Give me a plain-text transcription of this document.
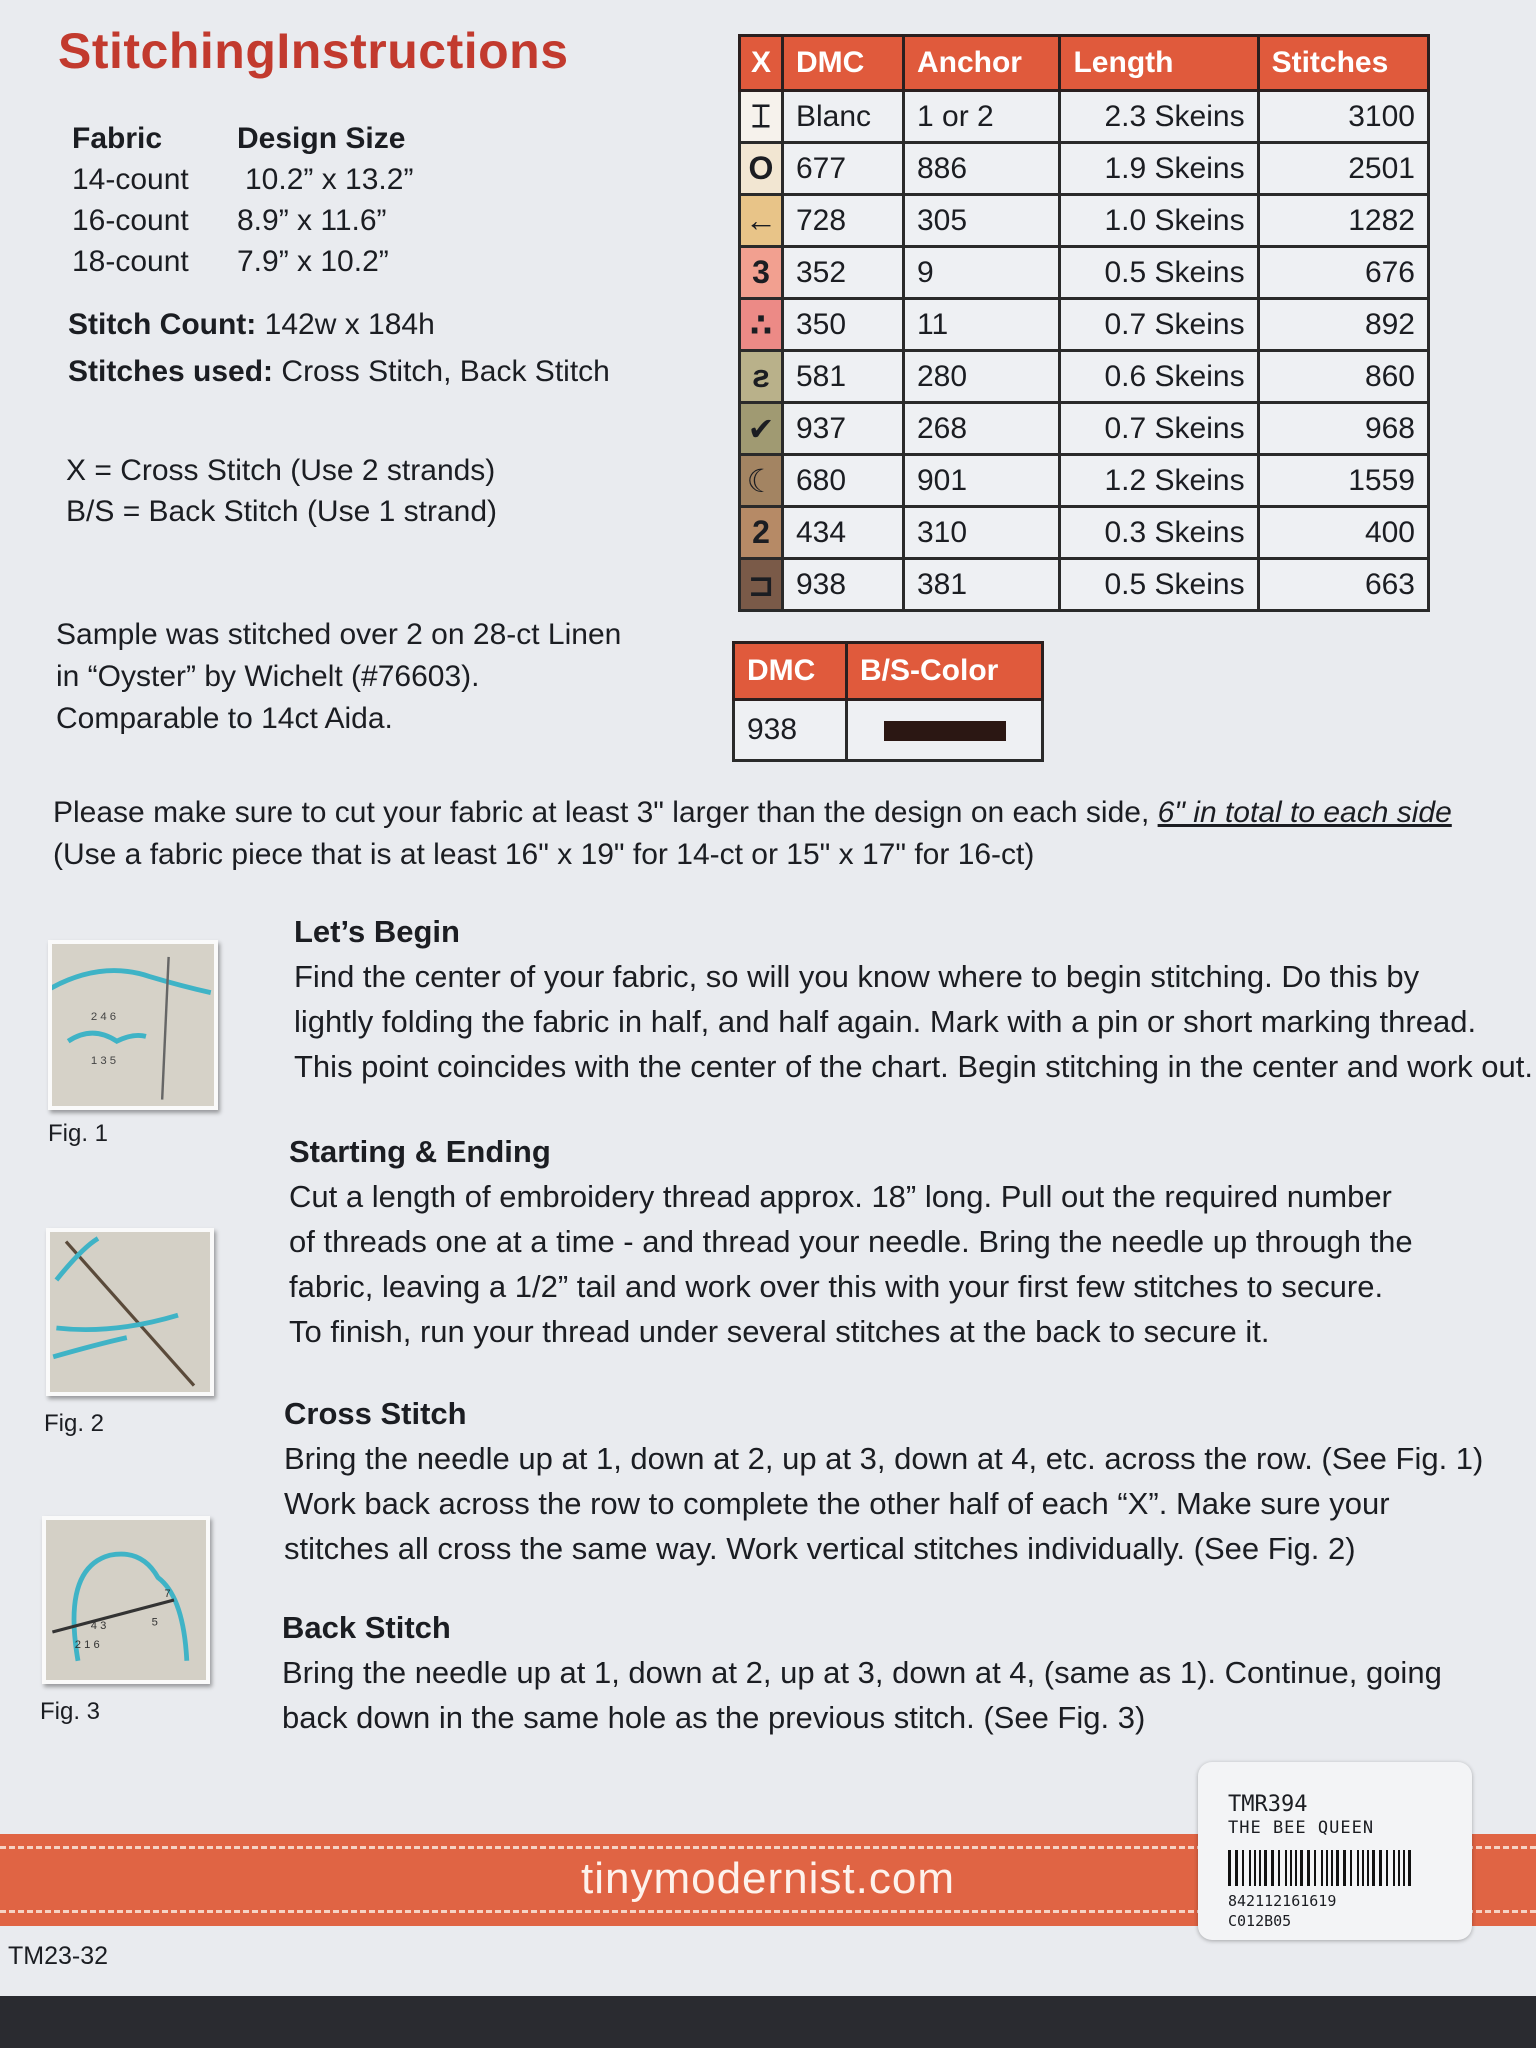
StitchingInstructions
Fabric	Design Size
14-count	10.2” x 13.2”
16-count	8.9” x 11.6”
18-count	7.9” x 10.2”
Stitch Count: 142w x 184h
Stitches used: Cross Stitch, Back Stitch
X = Cross Stitch (Use 2 strands)
B/S = Back Stitch (Use 1 strand)
Sample was stitched over 2 on 28-ct Linen
in “Oyster” by Wichelt (#76603).
Comparable to 14ct Aida.
X	DMC	Anchor	Length	Stitches
⌶	Blanc	1 or 2	2.3 Skeins	3100
O	677	886	1.9 Skeins	2501
←	728	305	1.0 Skeins	1282
3	352	9	0.5 Skeins	676
∴	350	11	0.7 Skeins	892
ƨ	581	280	0.6 Skeins	860
✔	937	268	0.7 Skeins	968
☾	680	901	1.2 Skeins	1559
2	434	310	0.3 Skeins	400
⊐	938	381	0.5 Skeins	663
DMC	B/S-Color
938	
Please make sure to cut your fabric at least 3" larger than the design on each side, 6" in total to each side (Use a fabric piece that is at least 16" x 19" for 14-ct or 15" x 17" for 16-ct)
2 4 6
1 3 5
Fig. 1
Fig. 2
4 3
2 1 6
7
5
Fig. 3
Let’s Begin

Find the center of your fabric, so will you know where to begin stitching. Do this by

lightly folding the fabric in half, and half again. Mark with a pin or short marking thread.

This point coincides with the center of the chart. Begin stitching in the center and work out.

Starting & Ending

Cut a length of embroidery thread approx. 18” long. Pull out the required number

of threads one at a time - and thread your needle. Bring the needle up through the

fabric, leaving a 1/2” tail and work over this with your first few stitches to secure.

To finish, run your thread under several stitches at the back to secure it.

Cross Stitch

Bring the needle up at 1, down at 2, up at 3, down at 4, etc. across the row. (See Fig. 1)

Work back across the row to complete the other half of each “X”. Make sure your

stitches all cross the same way. Work vertical stitches individually. (See Fig. 2)

Back Stitch

Bring the needle up at 1, down at 2, up at 3, down at 4, (same as 1). Continue, going

back down in the same hole as the previous stitch. (See Fig. 3)

tinymodernist.com
TMR394
THE BEE QUEEN
842112161619
C012B05
TM23-32
